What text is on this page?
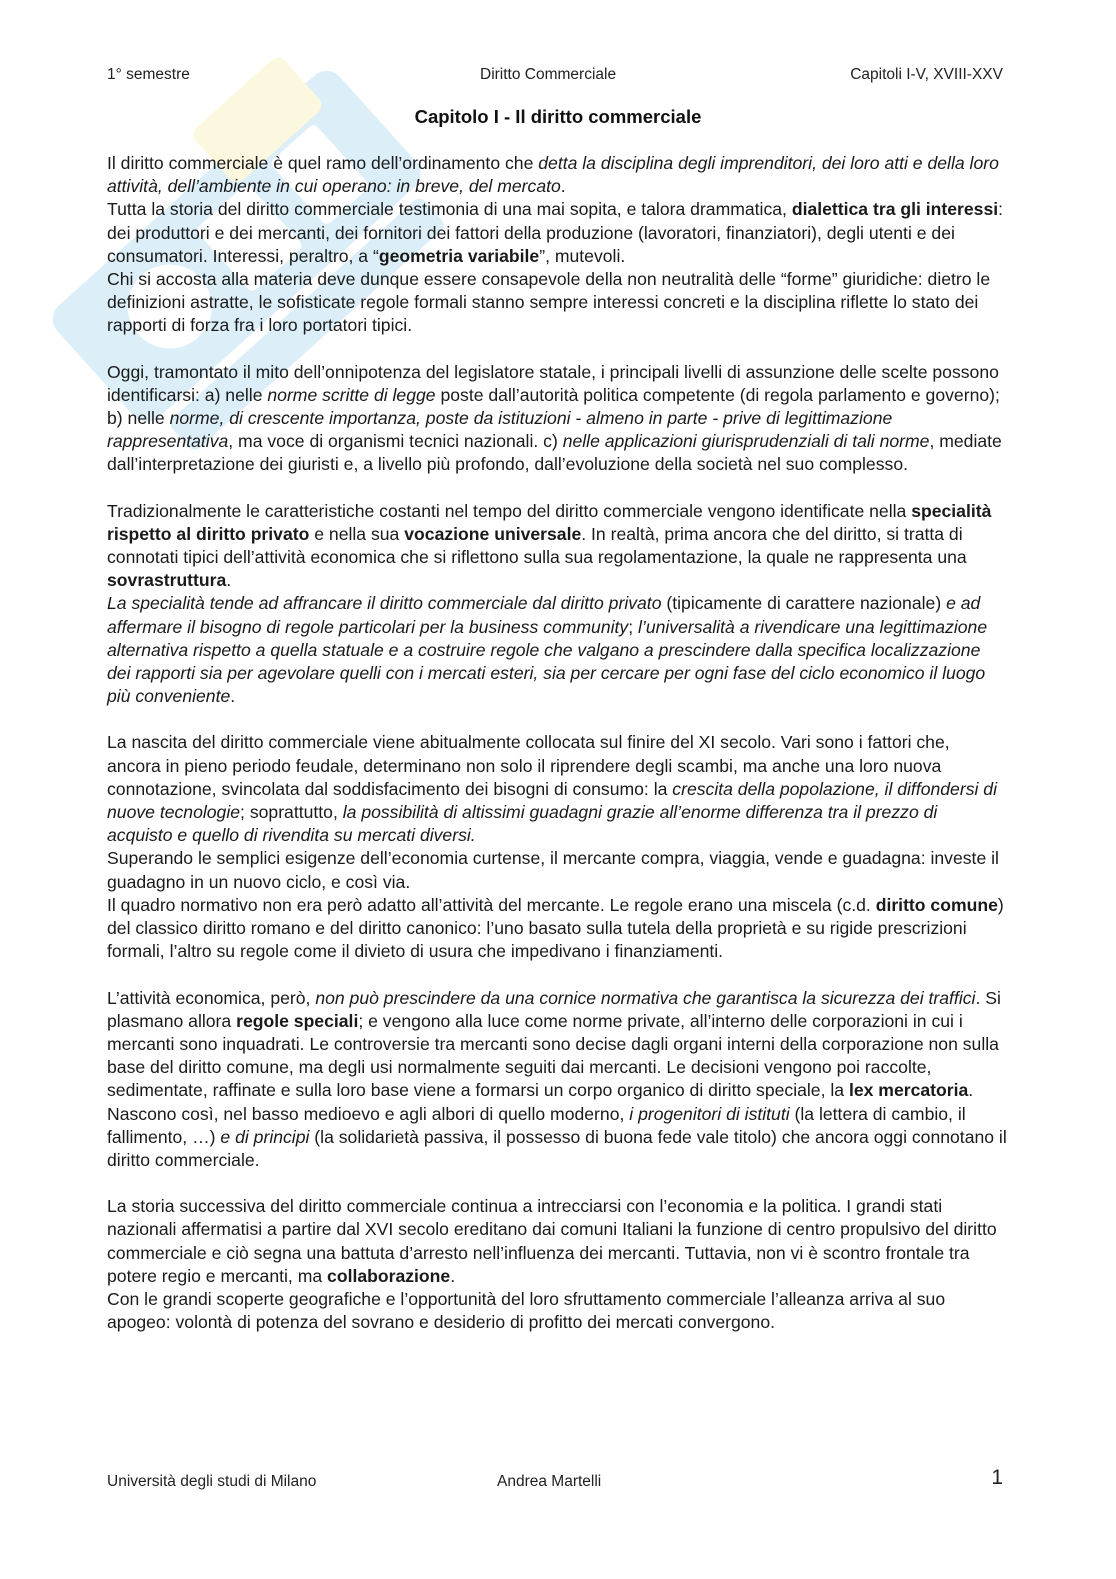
1° semestre	Diritto Commerciale	Capitoli I-V, XVIII-XXV
Capitolo I - Il diritto commerciale

Il diritto commerciale è quel ramo dell’ordinamento che detta la disciplina degli imprenditori, dei loro atti e della loro attività, dell’ambiente in cui operano: in breve, del mercato.

Tutta la storia del diritto commerciale testimonia di una mai sopita, e talora drammatica, dialettica tra gli interessi: dei produttori e dei mercanti, dei fornitori dei fattori della produzione (lavoratori, finanziatori), degli utenti e dei consumatori. Interessi, peraltro, a “geometria variabile”, mutevoli.

Chi si accosta alla materia deve dunque essere consapevole della non neutralità delle “forme” giuridiche: dietro le definizioni astratte, le sofisticate regole formali stanno sempre interessi concreti e la disciplina riflette lo stato dei rapporti di forza fra i loro portatori tipici.

Oggi, tramontato il mito dell’onnipotenza del legislatore statale, i principali livelli di assunzione delle scelte possono identificarsi: a) nelle norme scritte di legge poste dall’autorità politica competente (di regola parlamento e governo); b) nelle norme, di crescente importanza, poste da istituzioni - almeno in parte - prive di legittimazione rappresentativa, ma voce di organismi tecnici nazionali. c) nelle applicazioni giurisprudenziali di tali norme, mediate dall’interpretazione dei giuristi e, a livello più profondo, dall’evoluzione della società nel suo complesso.

Tradizionalmente le caratteristiche costanti nel tempo del diritto commerciale vengono identificate nella specialità rispetto al diritto privato e nella sua vocazione universale. In realtà, prima ancora che del diritto, si tratta di connotati tipici dell’attività economica che si riflettono sulla sua regolamentazione, la quale ne rappresenta una sovrastruttura.

La specialità tende ad affrancare il diritto commerciale dal diritto privato (tipicamente di carattere nazionale) e ad affermare il bisogno di regole particolari per la business community; l’universalità a rivendicare una legittimazione alternativa rispetto a quella statuale e a costruire regole che valgano a prescindere dalla specifica localizzazione dei rapporti sia per agevolare quelli con i mercati esteri, sia per cercare per ogni fase del ciclo economico il luogo più conveniente.

La nascita del diritto commerciale viene abitualmente collocata sul finire del XI secolo. Vari sono i fattori che, ancora in pieno periodo feudale, determinano non solo il riprendere degli scambi, ma anche una loro nuova connotazione, svincolata dal soddisfacimento dei bisogni di consumo: la crescita della popolazione, il diffondersi di nuove tecnologie; soprattutto, la possibilità di altissimi guadagni grazie all’enorme differenza tra il prezzo di acquisto e quello di rivendita su mercati diversi.

Superando le semplici esigenze dell’economia curtense, il mercante compra, viaggia, vende e guadagna: investe il guadagno in un nuovo ciclo, e così via.

Il quadro normativo non era però adatto all’attività del mercante. Le regole erano una miscela (c.d. diritto comune) del classico diritto romano e del diritto canonico: l’uno basato sulla tutela della proprietà e su rigide prescrizioni formali, l’altro su regole come il divieto di usura che impedivano i finanziamenti.

L’attività economica, però, non può prescindere da una cornice normativa che garantisca la sicurezza dei traffici. Si plasmano allora regole speciali; e vengono alla luce come norme private, all’interno delle corporazioni in cui i mercanti sono inquadrati. Le controversie tra mercanti sono decise dagli organi interni della corporazione non sulla base del diritto comune, ma degli usi normalmente seguiti dai mercanti. Le decisioni vengono poi raccolte, sedimentate, raffinate e sulla loro base viene a formarsi un corpo organico di diritto speciale, la lex mercatoria.

Nascono così, nel basso medioevo e agli albori di quello moderno, i progenitori di istituti (la lettera di cambio, il fallimento, …) e di principi (la solidarietà passiva, il possesso di buona fede vale titolo) che ancora oggi connotano il diritto commerciale.

La storia successiva del diritto commerciale continua a intrecciarsi con l’economia e la politica. I grandi stati nazionali affermatisi a partire dal XVI secolo ereditano dai comuni Italiani la funzione di centro propulsivo del diritto commerciale e ciò segna una battuta d’arresto nell’influenza dei mercanti. Tuttavia, non vi è scontro frontale tra potere regio e mercanti, ma collaborazione.

Con le grandi scoperte geografiche e l’opportunità del loro sfruttamento commerciale l’alleanza arriva al suo apogeo: volontà di potenza del sovrano e desiderio di profitto dei mercati convergono.

Università degli studi di Milano	Andrea Martelli	1
